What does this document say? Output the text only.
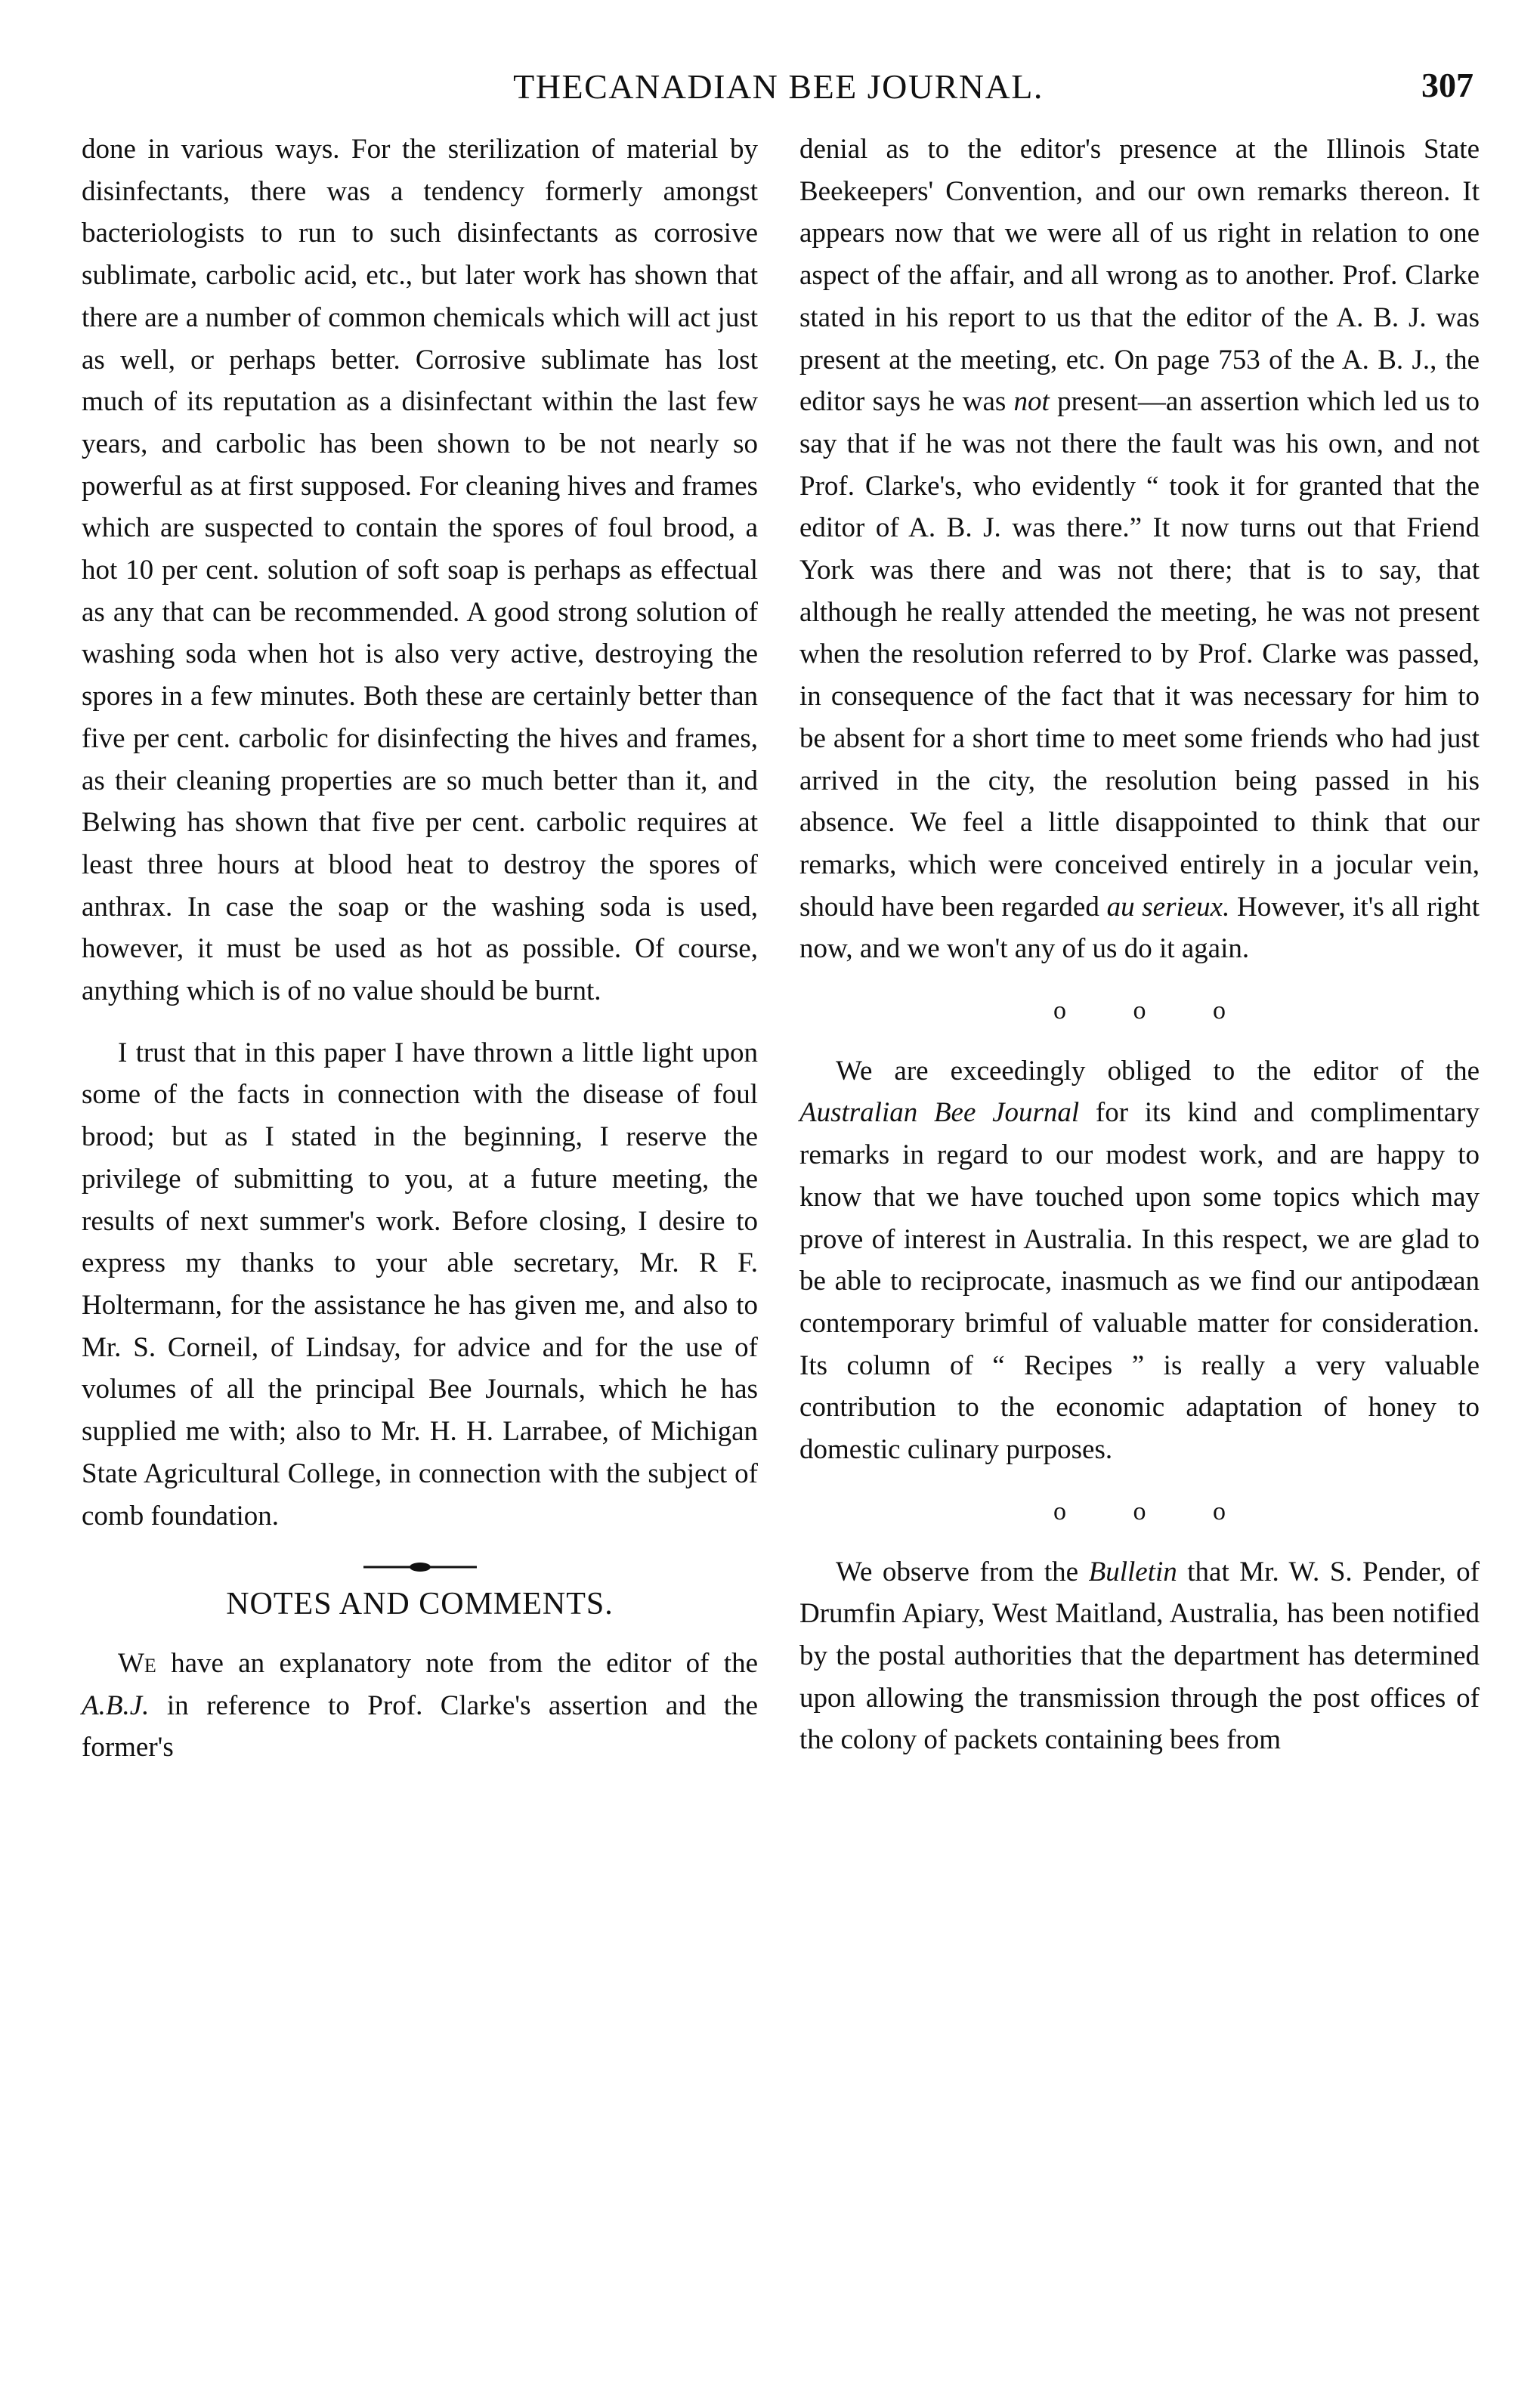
THECANADIAN BEE JOURNAL.	307

done in various ways. For the sterilization of material by disinfectants, there was a tendency formerly amongst bacteriologists to run to such disinfectants as corrosive sublimate, carbolic acid, etc., but later work has shown that there are a number of common chemicals which will act just as well, or perhaps better. Corrosive sublimate has lost much of its reputation as a disinfectant within the last few years, and carbolic has been shown to be not nearly so powerful as at first supposed. For cleaning hives and frames which are suspected to contain the spores of foul brood, a hot 10 per cent. solution of soft soap is perhaps as effectual as any that can be recommended. A good strong solution of washing soda when hot is also very active, destroying the spores in a few minutes. Both these are certainly better than five per cent. carbolic for disinfecting the hives and frames, as their cleaning properties are so much better than it, and Belwing has shown that five per cent. carbolic requires at least three hours at blood heat to destroy the spores of anthrax. In case the soap or the washing soda is used, however, it must be used as hot as possible. Of course, anything which is of no value should be burnt.

I trust that in this paper I have thrown a little light upon some of the facts in connection with the disease of foul brood; but as I stated in the beginning, I reserve the privilege of submitting to you, at a future meeting, the results of next summer's work. Before closing, I desire to express my thanks to your able secretary, Mr. R F. Holtermann, for the assistance he has given me, and also to Mr. S. Corneil, of Lindsay, for advice and for the use of volumes of all the principal Bee Journals, which he has supplied me with; also to Mr. H. H. Larrabee, of Michigan State Agricultural College, in connection with the subject of comb foundation.

NOTES AND COMMENTS.

We have an explanatory note from the editor of the A.B.J. in reference to Prof. Clarke's assertion and the former's

denial as to the editor's presence at the Illinois State Beekeepers' Convention, and our own remarks thereon. It appears now that we were all of us right in relation to one aspect of the affair, and all wrong as to another. Prof. Clarke stated in his report to us that the editor of the A. B. J. was present at the meeting, etc. On page 753 of the A. B. J., the editor says he was not present—an assertion which led us to say that if he was not there the fault was his own, and not Prof. Clarke's, who evidently “ took it for granted that the editor of A. B. J. was there.” It now turns out that Friend York was there and was not there; that is to say, that although he really attended the meeting, he was not present when the resolution referred to by Prof. Clarke was passed, in consequence of the fact that it was necessary for him to be absent for a short time to meet some friends who had just arrived in the city, the resolution being passed in his absence. We feel a little disappointed to think that our remarks, which were conceived entirely in a jocular vein, should have been regarded au serieux. However, it's all right now, and we won't any of us do it again.

o o o

We are exceedingly obliged to the editor of the Australian Bee Journal for its kind and complimentary remarks in regard to our modest work, and are happy to know that we have touched upon some topics which may prove of interest in Australia. In this respect, we are glad to be able to reciprocate, inasmuch as we find our antipodæan contemporary brimful of valuable matter for consideration. Its column of “ Recipes ” is really a very valuable contribution to the economic adaptation of honey to domestic culinary purposes.

o o o

We observe from the Bulletin that Mr. W. S. Pender, of Drumfin Apiary, West Maitland, Australia, has been notified by the postal authorities that the department has determined upon allowing the transmission through the post offices of the colony of packets containing bees from
